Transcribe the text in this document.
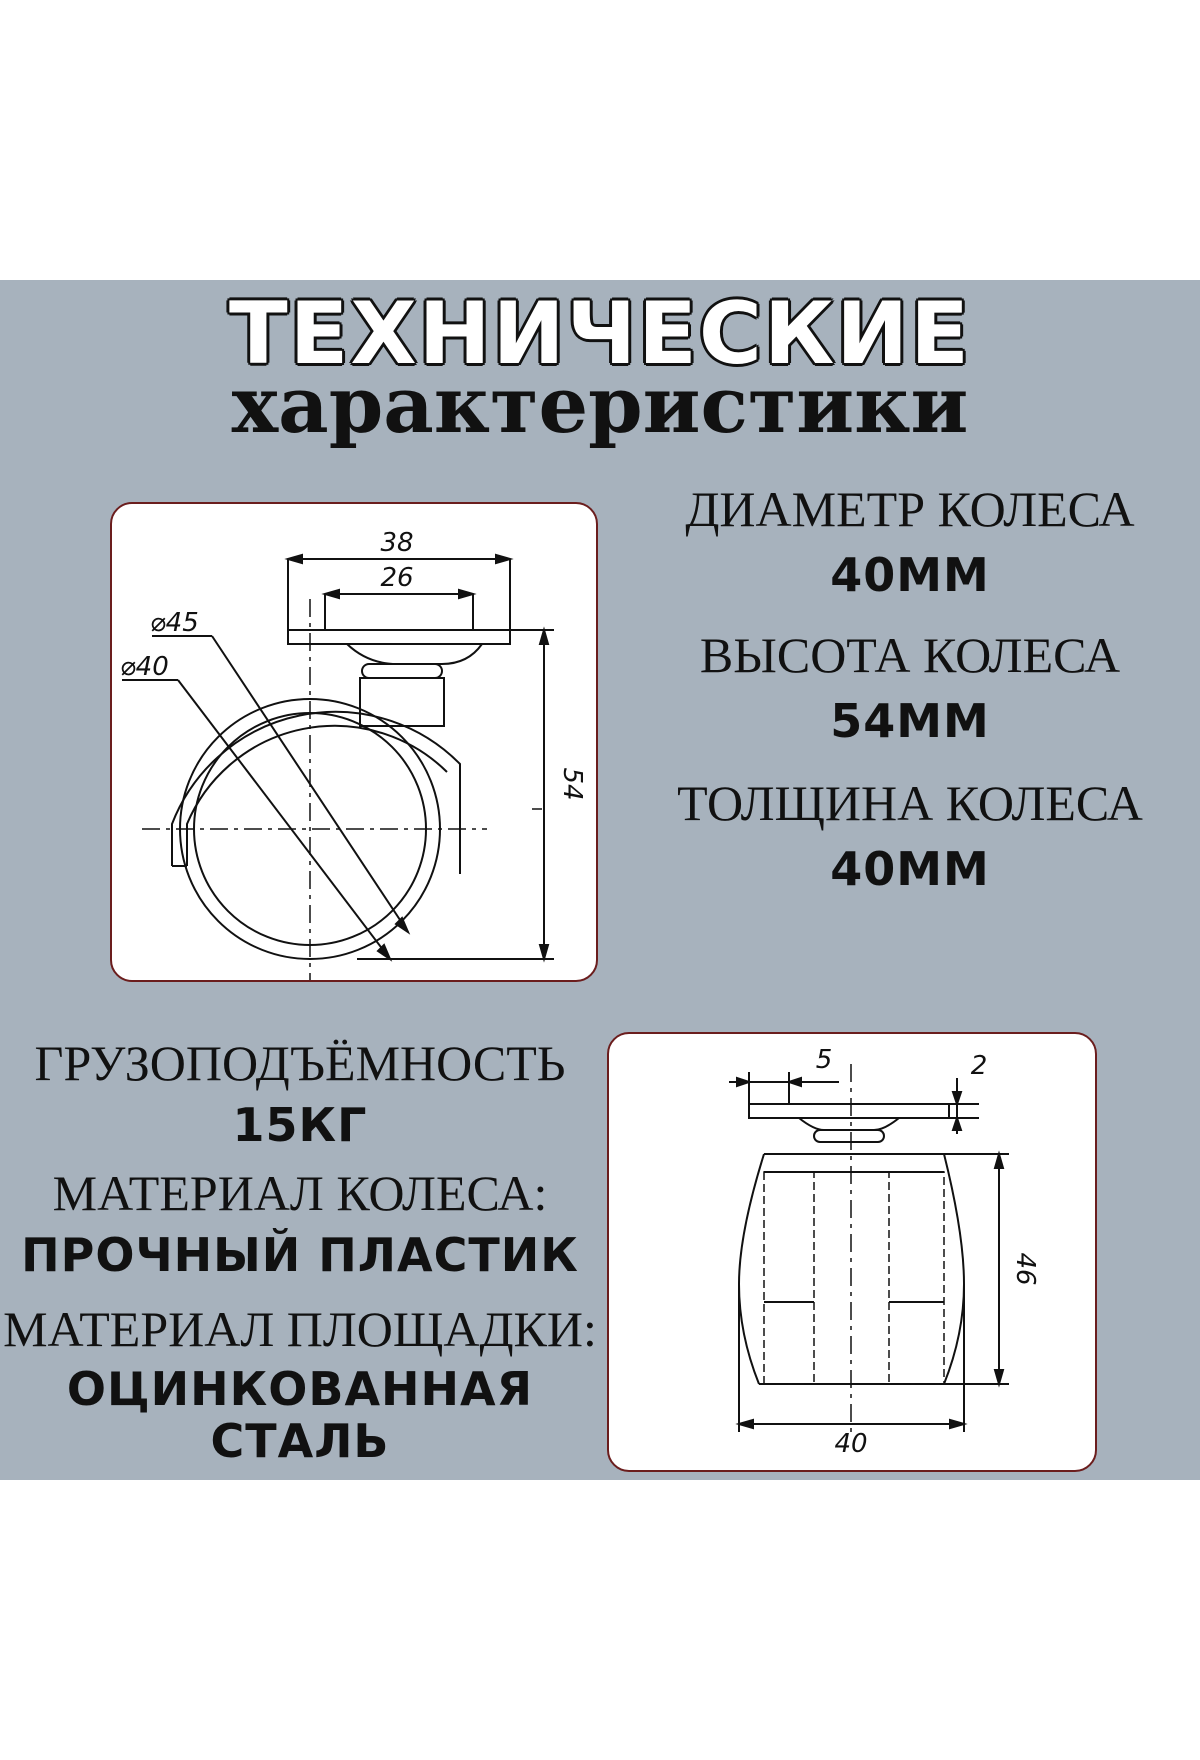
ТЕХНИЧЕСКИЕ
характеристики
38
26
⌀45
⌀40
54
ДИАМЕТР КОЛЕСА
40ММ
ВЫСОТА КОЛЕСА
54ММ
ТОЛЩИНА КОЛЕСА
40ММ
ГРУЗОПОДЪЁМНОСТЬ
15КГ
МАТЕРИАЛ КОЛЕСА:
ПРОЧНЫЙ ПЛАСТИК
МАТЕРИАЛ ПЛОЩАДКИ:
ОЦИНКОВАННАЯ
СТАЛЬ
5	2
46
40
